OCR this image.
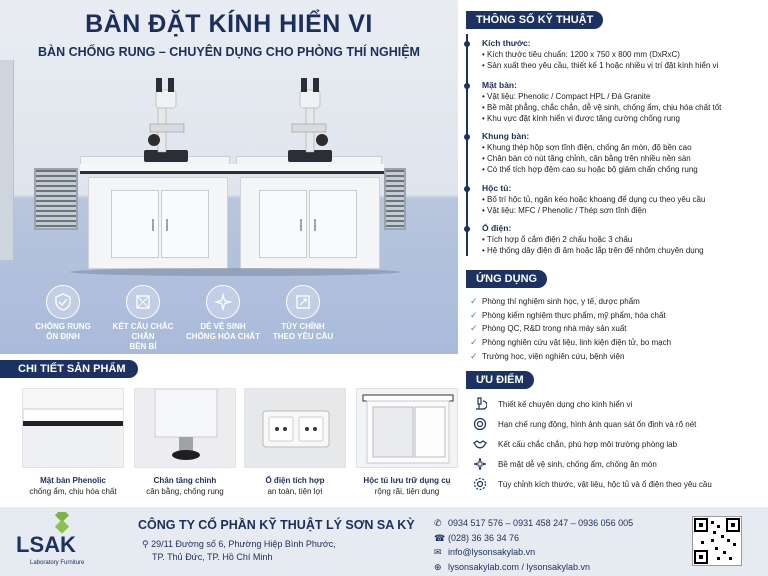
BÀN ĐẶT KÍNH HIỂN VI
BÀN CHỐNG RUNG – CHUYÊN DỤNG CHO PHÒNG THÍ NGHIỆM
CHỐNG RUNG
ỔN ĐỊNH
KẾT CẤU CHẮC CHẮN
BỀN BỈ
DỄ VỆ SINH
CHỐNG HÓA CHẤT
TÙY CHỈNH
THEO YÊU CẦU
THÔNG SỐ KỸ THUẬT
Kích thước:
• Kích thước tiêu chuẩn: 1200 x 750 x 800 mm (DxRxC)
• Sản xuất theo yêu cầu, thiết kế 1 hoặc nhiều vị trí đặt kính hiển vi
Mặt bàn:
• Vật liệu: Phenolic / Compact HPL / Đá Granite
• Bề mặt phẳng, chắc chắn, dễ vệ sinh, chống ẩm, chịu hóa chất tốt
• Khu vực đặt kính hiển vi được tăng cường chống rung
Khung bàn:
• Khung thép hộp sơn tĩnh điện, chống ăn mòn, độ bền cao
• Chân bàn có nút tăng chỉnh, cân bằng trên nhiều nền sàn
• Có thể tích hợp đệm cao su hoặc bộ giảm chấn chống rung
Hộc tủ:
• Bố trí hộc tủ, ngăn kéo hoặc khoang để dụng cụ theo yêu cầu
• Vật liệu: MFC / Phenolic / Thép sơn tĩnh điện
Ổ điện:
• Tích hợp ổ cắm điện 2 chấu hoặc 3 chấu
• Hệ thống dây điện đi âm hoặc lắp trên đế nhôm chuyên dụng
ỨNG DỤNG
✓ Phòng thí nghiệm sinh học, y tế, dược phẩm
✓ Phòng kiểm nghiệm thực phẩm, mỹ phẩm, hóa chất
✓ Phòng QC, R&D trong nhà máy sản xuất
✓ Phòng nghiên cứu vật liệu, linh kiện điện tử, bo mạch
✓ Trường học, viện nghiên cứu, bệnh viện
ƯU ĐIỂM
Thiết kế chuyên dụng cho kính hiển vi
Hạn chế rung động, hình ảnh quan sát ổn định và rõ nét
Kết cấu chắc chắn, phù hợp môi trường phòng lab
Bề mặt dễ vệ sinh, chống ẩm, chống ăn mòn
Tùy chỉnh kích thước, vật liệu, hộc tủ và ổ điện theo yêu cầu
CHI TIẾT SẢN PHẨM
Mặt bàn Phenolic
chống ẩm, chịu hóa chất
Chân tăng chỉnh
cân bằng, chống rung
Ổ điện tích hợp
an toàn, tiện lợi
Hộc tủ lưu trữ dụng cụ
rộng rãi, tiện dụng
LSAK
Laboratory Furniture
CÔNG TY CỔ PHẦN KỸ THUẬT LÝ SƠN SA KỲ
⚲ 29/11 Đường số 6, Phường Hiệp Bình Phước,
TP. Thủ Đức, TP. Hồ Chí Minh
✆ 0934 517 576 – 0931 458 247 – 0936 056 005
☎ (028) 36 36 34 76
✉ info@lysonsakylab.vn
⊕ lysonsakylab.com / lysonsakylab.vn
